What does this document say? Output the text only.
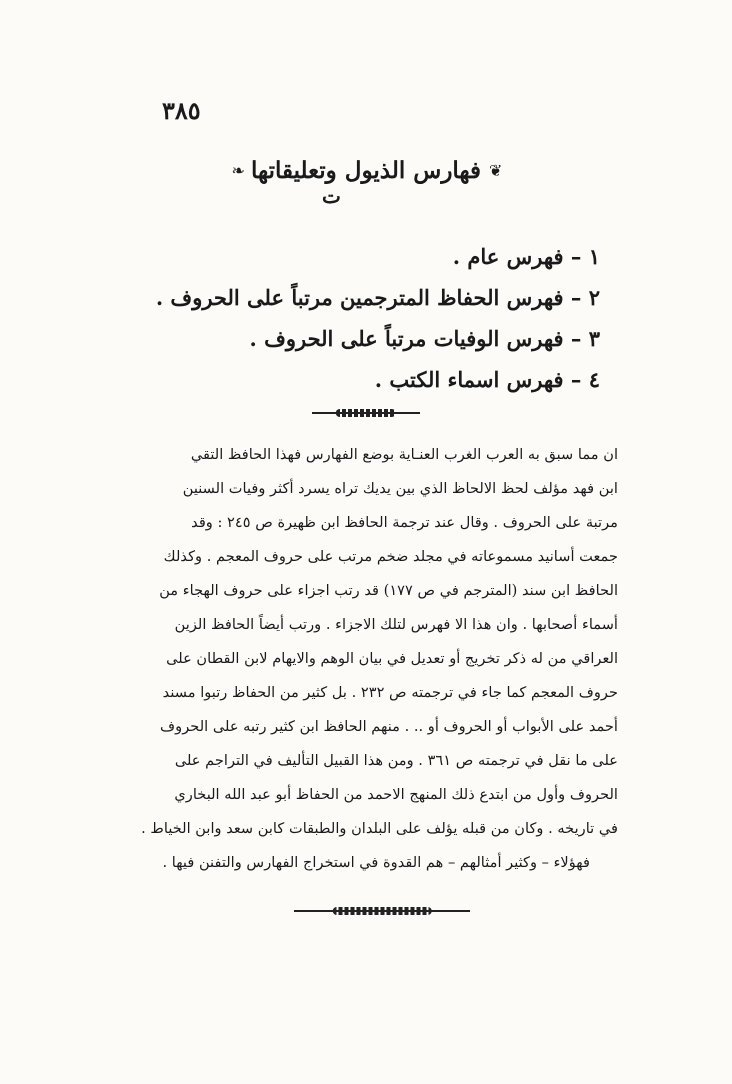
٣٨٥
❧ فهارس الذيول وتعليقاتها ❦
ت
١ – فهرس عام .
٢ – فهرس الحفاظ المترجمين مرتباً على الحروف .
٣ – فهرس الوفيات مرتباً على الحروف .
٤ – فهرس اسماء الكتب .

ان مما سبق به العرب الغرب العنـاية بوضع الفهارس فهذا الحافظ التقي

ابن فهد مؤلف لحظ الالحاظ الذي بين يديك تراه يسرد أكثر وفيات السنين

مرتبة على الحروف . وقال عند ترجمة الحافظ ابن ظهيرة ص ٢٤٥ : وقد

جمعت أسانيد مسموعاته في مجلد ضخم مرتب على حروف المعجم . وكذلك

الحافظ ابن سند (المترجم في ص ١٧٧) قد رتب اجزاء على حروف الهجاء من

أسماء أصحابها . وان هذا الا فهرس لتلك الاجزاء . ورتب أيضاً الحافظ الزين

العراقي من له ذكر تخريج أو تعديل في بيان الوهم والايهام لابن القطان على

حروف المعجم كما جاء في ترجمته ص ٢٣٢ . بل كثير من الحفاظ رتبوا مسند

أحمد على الأبواب أو الحروف أو .. . منهم الحافظ ابن كثير رتبه على الحروف

على ما نقل في ترجمته ص ٣٦١ . ومن هذا القبيل التأليف في التراجم على

الحروف وأول من ابتدع ذلك المنهج الاحمد من الحفاظ أبو عبد الله البخاري

في تاريخه . وكان من قبله يؤلف على البلدان والطبقات كابن سعد وابن الخياط .

فهؤلاء – وكثير أمثالهم – هم القدوة في استخراج الفهارس والتفنن فيها .
